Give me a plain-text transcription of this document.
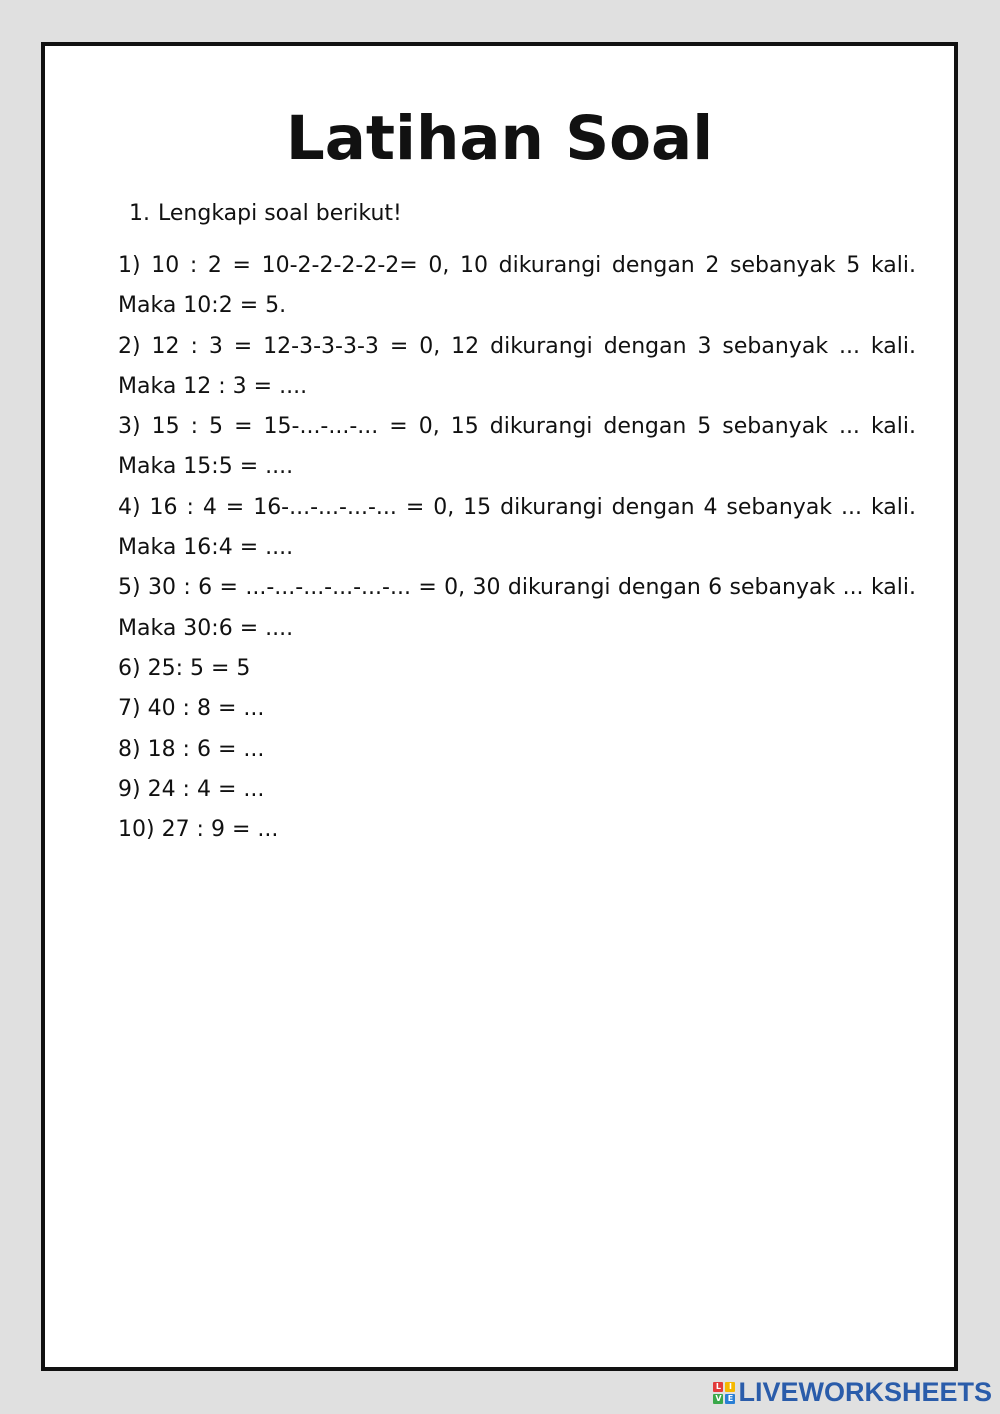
Latihan Soal
1. Lengkapi soal berikut!

1) 10 : 2 = 10-2-2-2-2-2= 0, 10 dikurangi dengan 2 sebanyak 5 kali. Maka 10:2 = 5.

2) 12 : 3 = 12-3-3-3-3 = 0, 12 dikurangi dengan 3 sebanyak ... kali. Maka 12 : 3 = ....

3) 15 : 5 = 15-...-...-... = 0, 15 dikurangi dengan 5 sebanyak ... kali. Maka 15:5 = ....

4) 16 : 4 = 16-...-...-...-... = 0, 15 dikurangi dengan 4 sebanyak ... kali. Maka 16:4 = ....

5) 30 : 6 = ...-...-...-...-...-... = 0, 30 dikurangi dengan 6 sebanyak ... kali. Maka 30:6 = ....

6) 25: 5 = 5

7) 40 : 8 = ...

8) 18 : 6 = ...

9) 24 : 4 = ...

10) 27 : 9 = ...

L I
V E LIVEWORKSHEETS
